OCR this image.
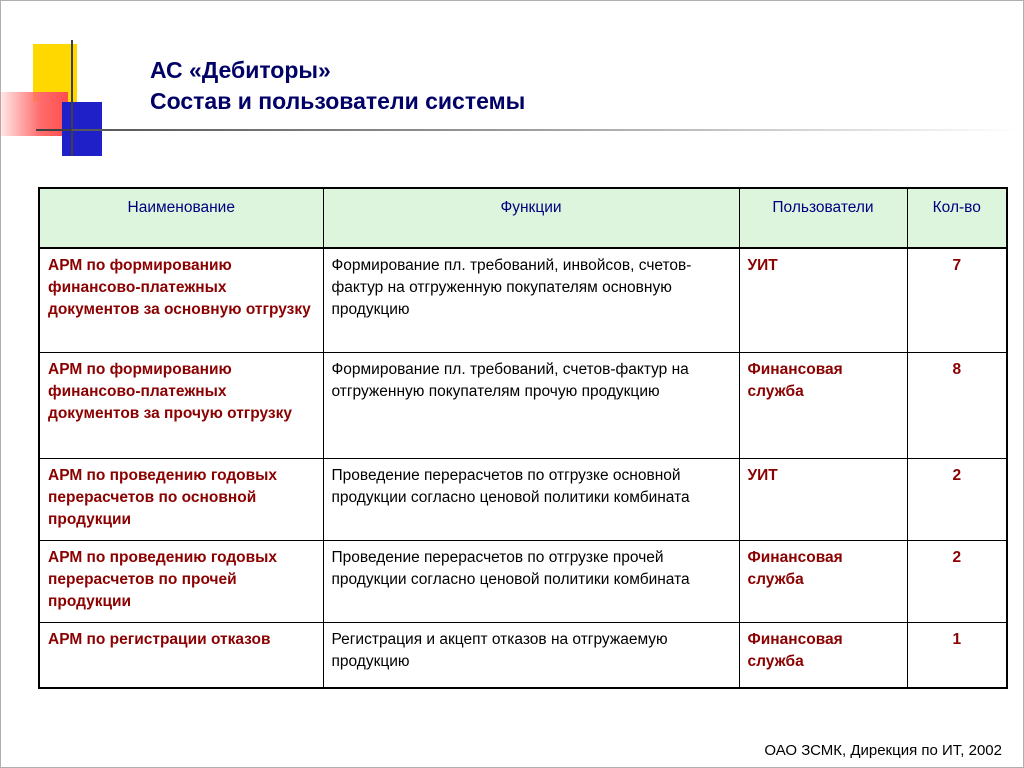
АС «Дебиторы»
Состав и пользователи системы
Наименование	Функции	Пользователи	Кол-во
АРМ по формированию финансово-платежных документов за основную отгрузку	Формирование пл. требований, инвойсов, счетов-фактур на отгруженную покупателям основную продукцию	УИТ	7
АРМ по формированию финансово-платежных документов за прочую отгрузку	Формирование пл. требований, счетов-фактур на отгруженную покупателям прочую продукцию	Финансовая служба	8
АРМ по проведению годовых перерасчетов по основной продукции	Проведение перерасчетов по отгрузке основной продукции согласно ценовой политики комбината	УИТ	2
АРМ по проведению годовых перерасчетов по прочей продукции	Проведение перерасчетов по отгрузке прочей продукции согласно ценовой политики комбината	Финансовая служба	2
АРМ по регистрации отказов	Регистрация и акцепт отказов на отгружаемую продукцию	Финансовая служба	1
ОАО ЗСМК, Дирекция по ИТ, 2002
